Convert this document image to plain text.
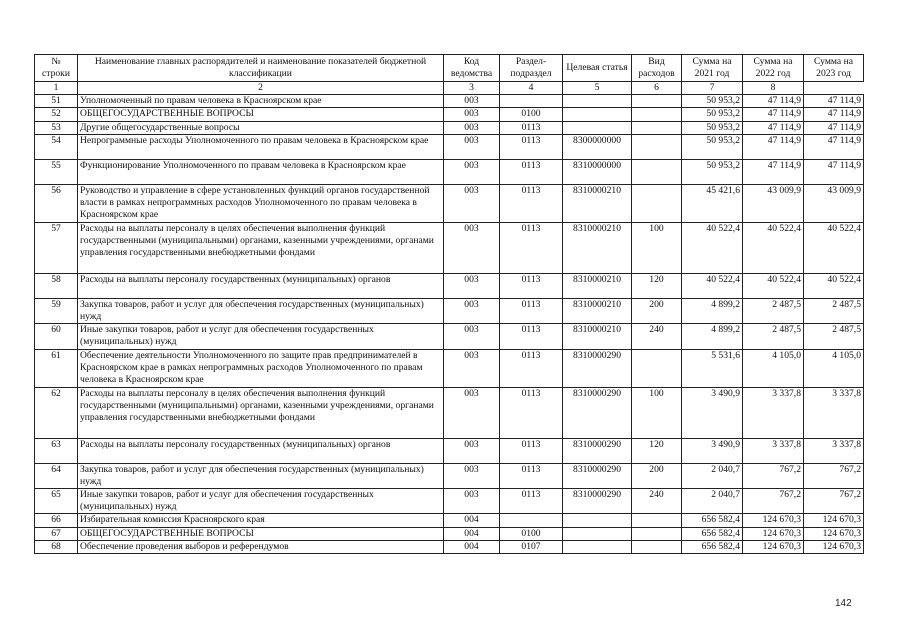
№ строки	Наименование главных распорядителей и наименование показателей бюджетной классификации	Код ведомства	Раздел-подраздел	Целевая статья	Вид расходов	Сумма на 2021 год	Сумма на 2022 год	Сумма на 2023 год
1	2	3	4	5	6	7	8	
51	Уполномоченный по правам человека в Красноярском крае	003				50 953,2	47 114,9	47 114,9
52	ОБЩЕГОСУДАРСТВЕННЫЕ ВОПРОСЫ	003	0100			50 953,2	47 114,9	47 114,9
53	Другие общегосударственные вопросы	003	0113			50 953,2	47 114,9	47 114,9
54	Непрограммные расходы Уполномоченного по правам человека в Красноярском крае	003	0113	8300000000		50 953,2	47 114,9	47 114,9
55	Функционирование Уполномоченного по правам человека в Красноярском крае	003	0113	8310000000		50 953,2	47 114,9	47 114,9
56	Руководство и управление в сфере установленных функций органов государственной власти в рамках непрограммных расходов Уполномоченного по правам человека в Красноярском крае	003	0113	8310000210		45 421,6	43 009,9	43 009,9
57	Расходы на выплаты персоналу в целях обеспечения выполнения функций государственными (муниципальными) органами, казенными учреждениями, органами управления государственными внебюджетными фондами	003	0113	8310000210	100	40 522,4	40 522,4	40 522,4
58	Расходы на выплаты персоналу государственных (муниципальных) органов	003	0113	8310000210	120	40 522,4	40 522,4	40 522,4
59	Закупка товаров, работ и услуг для обеспечения государственных (муниципальных) нужд	003	0113	8310000210	200	4 899,2	2 487,5	2 487,5
60	Иные закупки товаров, работ и услуг для обеспечения государственных (муниципальных) нужд	003	0113	8310000210	240	4 899,2	2 487,5	2 487,5
61	Обеспечение деятельности Уполномоченного по защите прав предпринимателей в Красноярском крае в рамках непрограммных расходов Уполномоченного по правам человека в Красноярском крае	003	0113	8310000290		5 531,6	4 105,0	4 105,0
62	Расходы на выплаты персоналу в целях обеспечения выполнения функций государственными (муниципальными) органами, казенными учреждениями, органами управления государственными внебюджетными фондами	003	0113	8310000290	100	3 490,9	3 337,8	3 337,8
63	Расходы на выплаты персоналу государственных (муниципальных) органов	003	0113	8310000290	120	3 490,9	3 337,8	3 337,8
64	Закупка товаров, работ и услуг для обеспечения государственных (муниципальных) нужд	003	0113	8310000290	200	2 040,7	767,2	767,2
65	Иные закупки товаров, работ и услуг для обеспечения государственных (муниципальных) нужд	003	0113	8310000290	240	2 040,7	767,2	767,2
66	Избирательная комиссия Красноярского края	004				656 582,4	124 670,3	124 670,3
67	ОБЩЕГОСУДАРСТВЕННЫЕ ВОПРОСЫ	004	0100			656 582,4	124 670,3	124 670,3
68	Обеспечение проведения выборов и референдумов	004	0107			656 582,4	124 670,3	124 670,3
142
